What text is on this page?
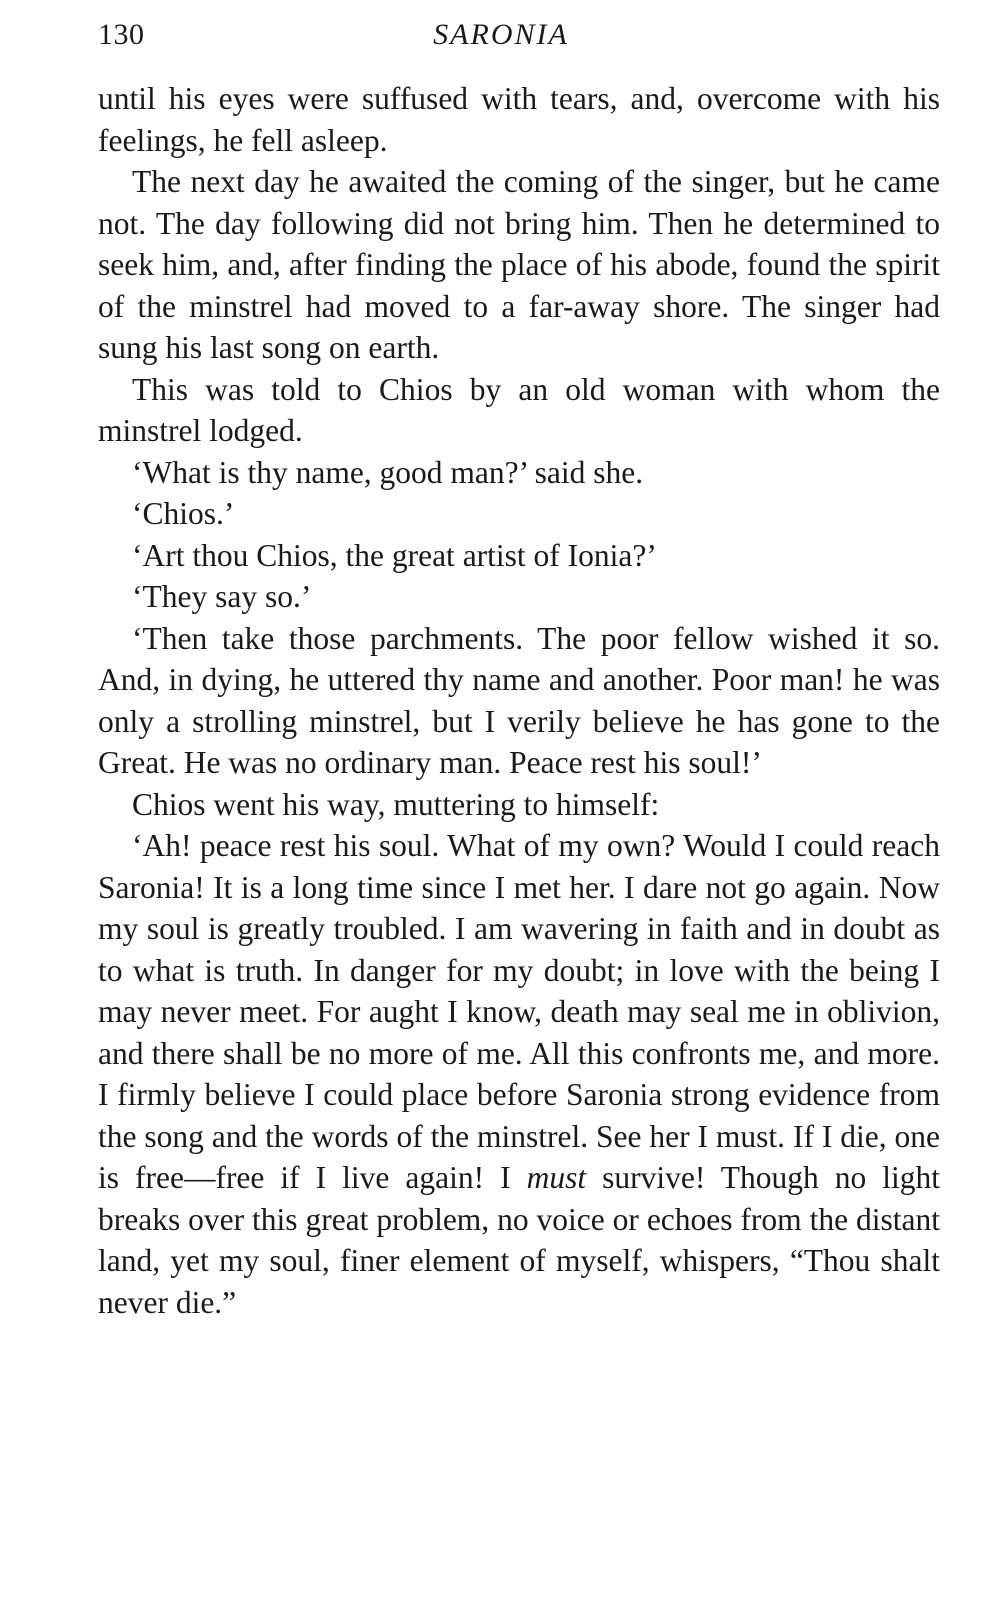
130	SARONIA

until his eyes were suffused with tears, and, overcome with his feelings, he fell asleep.

The next day he awaited the coming of the singer, but he came not. The day following did not bring him. Then he determined to seek him, and, after finding the place of his abode, found the spirit of the minstrel had moved to a far-away shore. The singer had sung his last song on earth.

This was told to Chios by an old woman with whom the minstrel lodged.

‘What is thy name, good man?’ said she.

‘Chios.’

‘Art thou Chios, the great artist of Ionia?’

‘They say so.’

‘Then take those parchments. The poor fellow wished it so. And, in dying, he uttered thy name and another. Poor man! he was only a strolling minstrel, but I verily believe he has gone to the Great. He was no ordinary man. Peace rest his soul!’

Chios went his way, muttering to himself:

‘Ah! peace rest his soul. What of my own? Would I could reach Saronia! It is a long time since I met her. I dare not go again. Now my soul is greatly troubled. I am wavering in faith and in doubt as to what is truth. In danger for my doubt; in love with the being I may never meet. For aught I know, death may seal me in oblivion, and there shall be no more of me. All this confronts me, and more. I firmly believe I could place before Saronia strong evidence from the song and the words of the minstrel. See her I must. If I die, one is free—free if I live again! I must survive! Though no light breaks over this great problem, no voice or echoes from the distant land, yet my soul, finer element of myself, whispers, “Thou shalt never die.”
